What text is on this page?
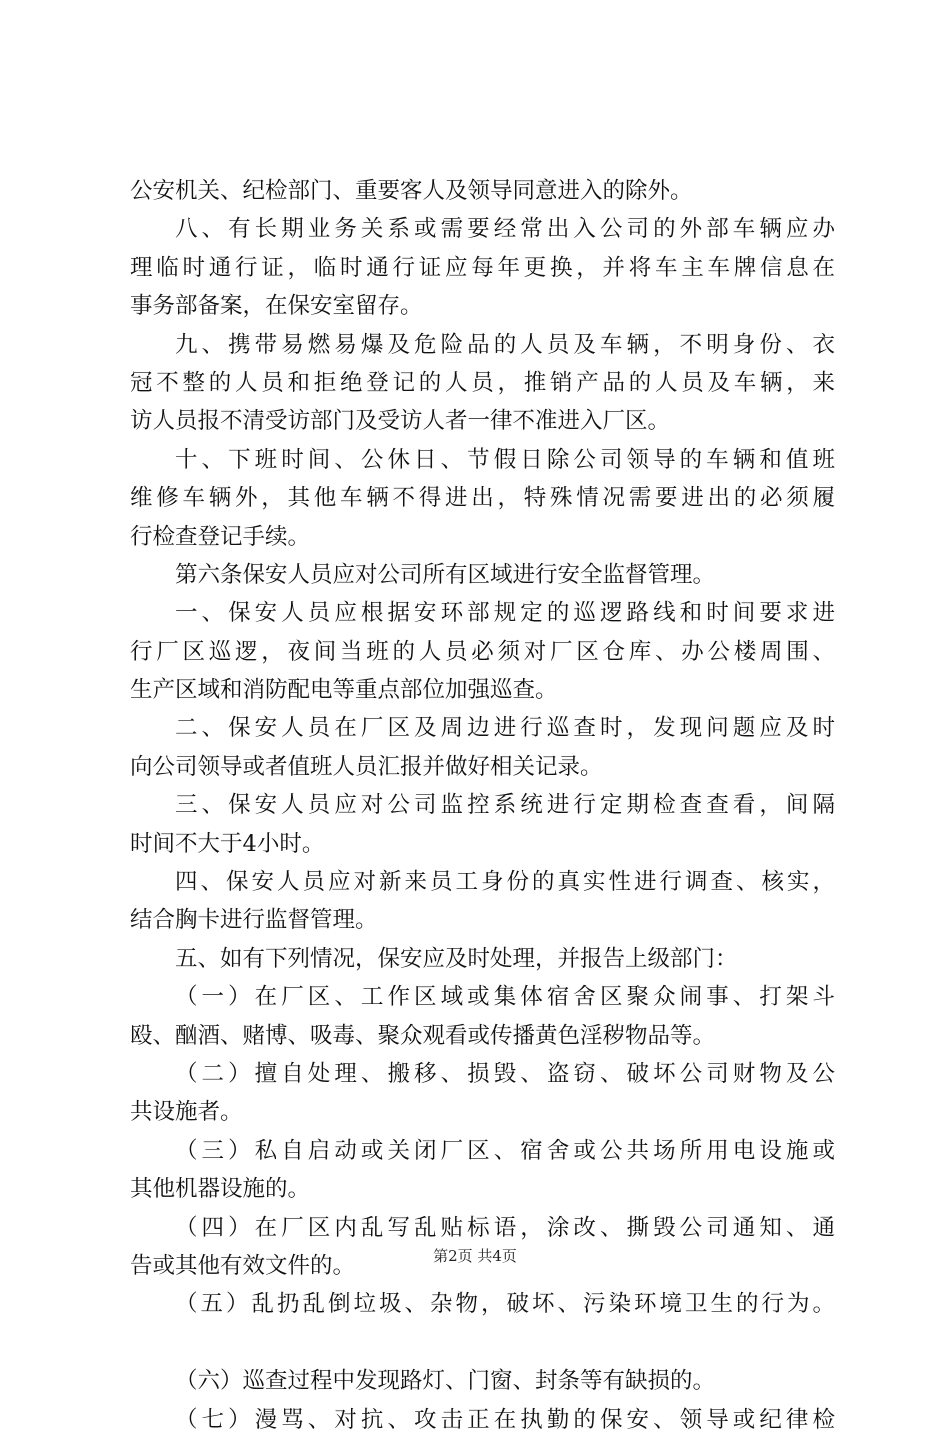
公安机关、纪检部门、重要客人及领导同意进入的除外。
八、有长期业务关系或需要经常出入公司的外部车辆应办
理临时通行证，临时通行证应每年更换，并将车主车牌信息在
事务部备案，在保安室留存。
九、携带易燃易爆及危险品的人员及车辆，不明身份、衣
冠不整的人员和拒绝登记的人员，推销产品的人员及车辆，来
访人员报不清受访部门及受访人者一律不准进入厂区。
十、下班时间、公休日、节假日除公司领导的车辆和值班
维修车辆外，其他车辆不得进出，特殊情况需要进出的必须履
行检查登记手续。
第六条保安人员应对公司所有区域进行安全监督管理。
一、保安人员应根据安环部规定的巡逻路线和时间要求进
行厂区巡逻，夜间当班的人员必须对厂区仓库、办公楼周围、
生产区域和消防配电等重点部位加强巡查。
二、保安人员在厂区及周边进行巡查时，发现问题应及时
向公司领导或者值班人员汇报并做好相关记录。
三、保安人员应对公司监控系统进行定期检查查看，间隔
时间不大于4小时。
四、保安人员应对新来员工身份的真实性进行调查、核实，
结合胸卡进行监督管理。
五、如有下列情况，保安应及时处理，并报告上级部门：
（一）在厂区、工作区域或集体宿舍区聚众闹事、打架斗
殴、酗酒、赌博、吸毒、聚众观看或传播黄色淫秽物品等。
（二）擅自处理、搬移、损毁、盗窃、破坏公司财物及公
共设施者。
（三）私自启动或关闭厂区、宿舍或公共场所用电设施或
其他机器设施的。
（四）在厂区内乱写乱贴标语，涂改、撕毁公司通知、通
告或其他有效文件的。
（五）乱扔乱倒垃圾、杂物，破坏、污染环境卫生的行为。
（六）巡查过程中发现路灯、门窗、封条等有缺损的。
（七）漫骂、对抗、攻击正在执勤的保安、领导或纪律检
第2页 共4页
